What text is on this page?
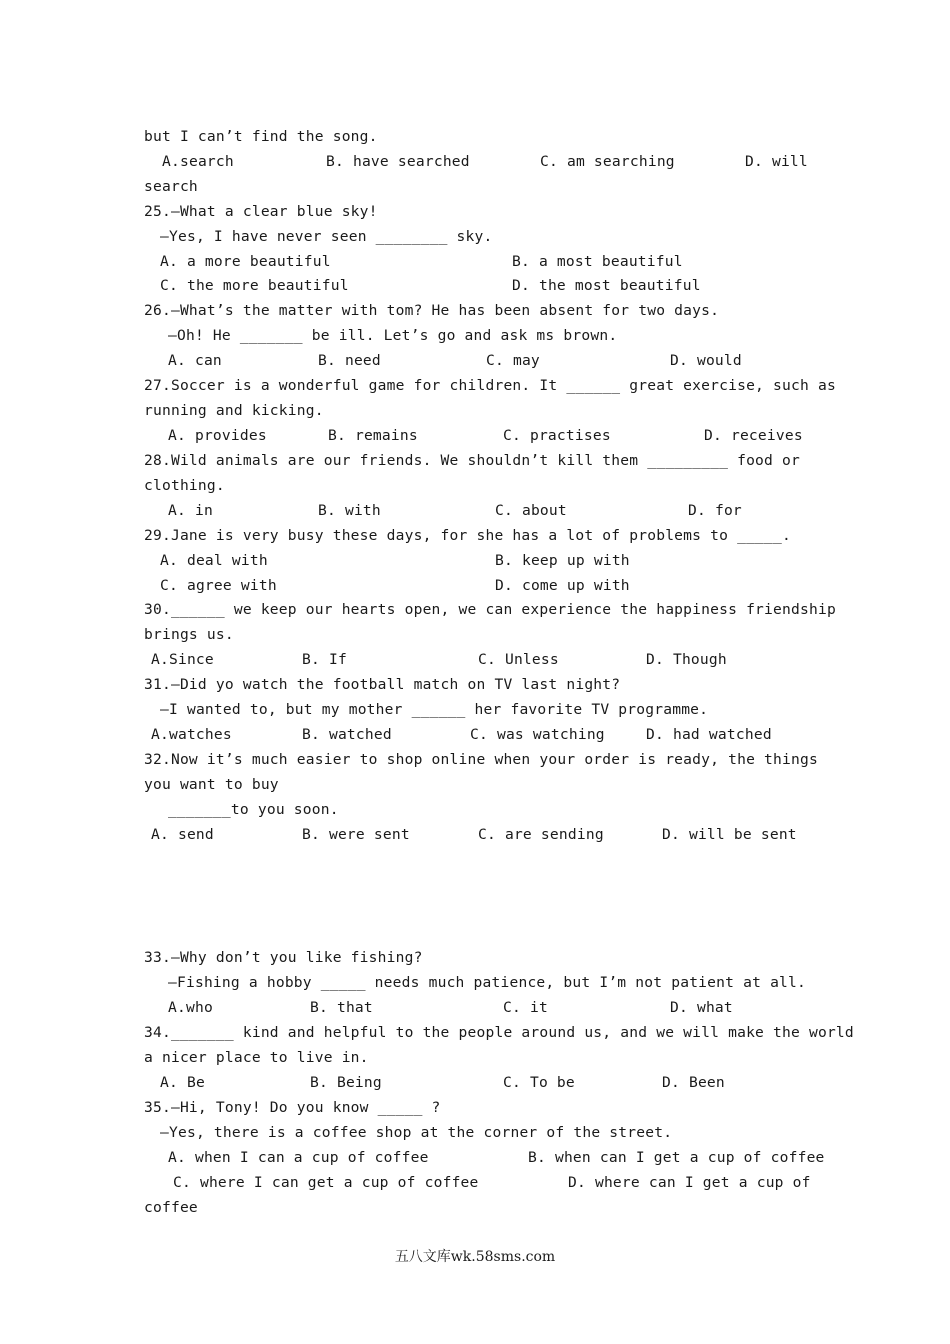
but I can’t find the song.
A.search	B. have searched	C. am searching	D. will
search
25.—What a clear blue sky!
—Yes, I have never seen ________ sky.
A. a more beautiful	B. a most beautiful
C. the more beautiful	D. the most beautiful
26.—What’s the matter with tom? He has been absent for two days.
—Oh! He _______ be ill. Let’s go and ask ms brown.
A. can	B. need	C. may	D. would
27.Soccer is a wonderful game for children. It ______ great exercise, such as
running and kicking.
A. provides	B. remains	C. practises	D. receives
28.Wild animals are our friends. We shouldn’t kill them _________ food or
clothing.
A. in	B. with	C. about	D. for
29.Jane is very busy these days, for she has a lot of problems to _____.
A. deal with	B. keep up with
C. agree with	D. come up with
30.______ we keep our hearts open, we can experience the happiness friendship
brings us.
A.Since	B. If	C. Unless	D. Though
31.—Did yo watch the football match on TV last night?
—I wanted to, but my mother ______ her favorite TV programme.
A.watches	B. watched	C. was watching	D. had watched
32.Now it’s much easier to shop online when your order is ready, the things
you want to buy
_______to you soon.
A. send	B. were sent	C. are sending	D. will be sent
33.—Why don’t you like fishing?
—Fishing a hobby _____ needs much patience, but I’m not patient at all.
A.who	B. that	C. it	D. what
34._______ kind and helpful to the people around us, and we will make the world
a nicer place to live in.
A. Be	B. Being	C. To be	D. Been
35.—Hi, Tony! Do you know _____ ?
—Yes, there is a coffee shop at the corner of the street.
A. when I can a cup of coffee	B. when can I get a cup of coffee
C. where I can get a cup of coffee	D. where can I get a cup of
coffee
五八文库wk.58sms.com
